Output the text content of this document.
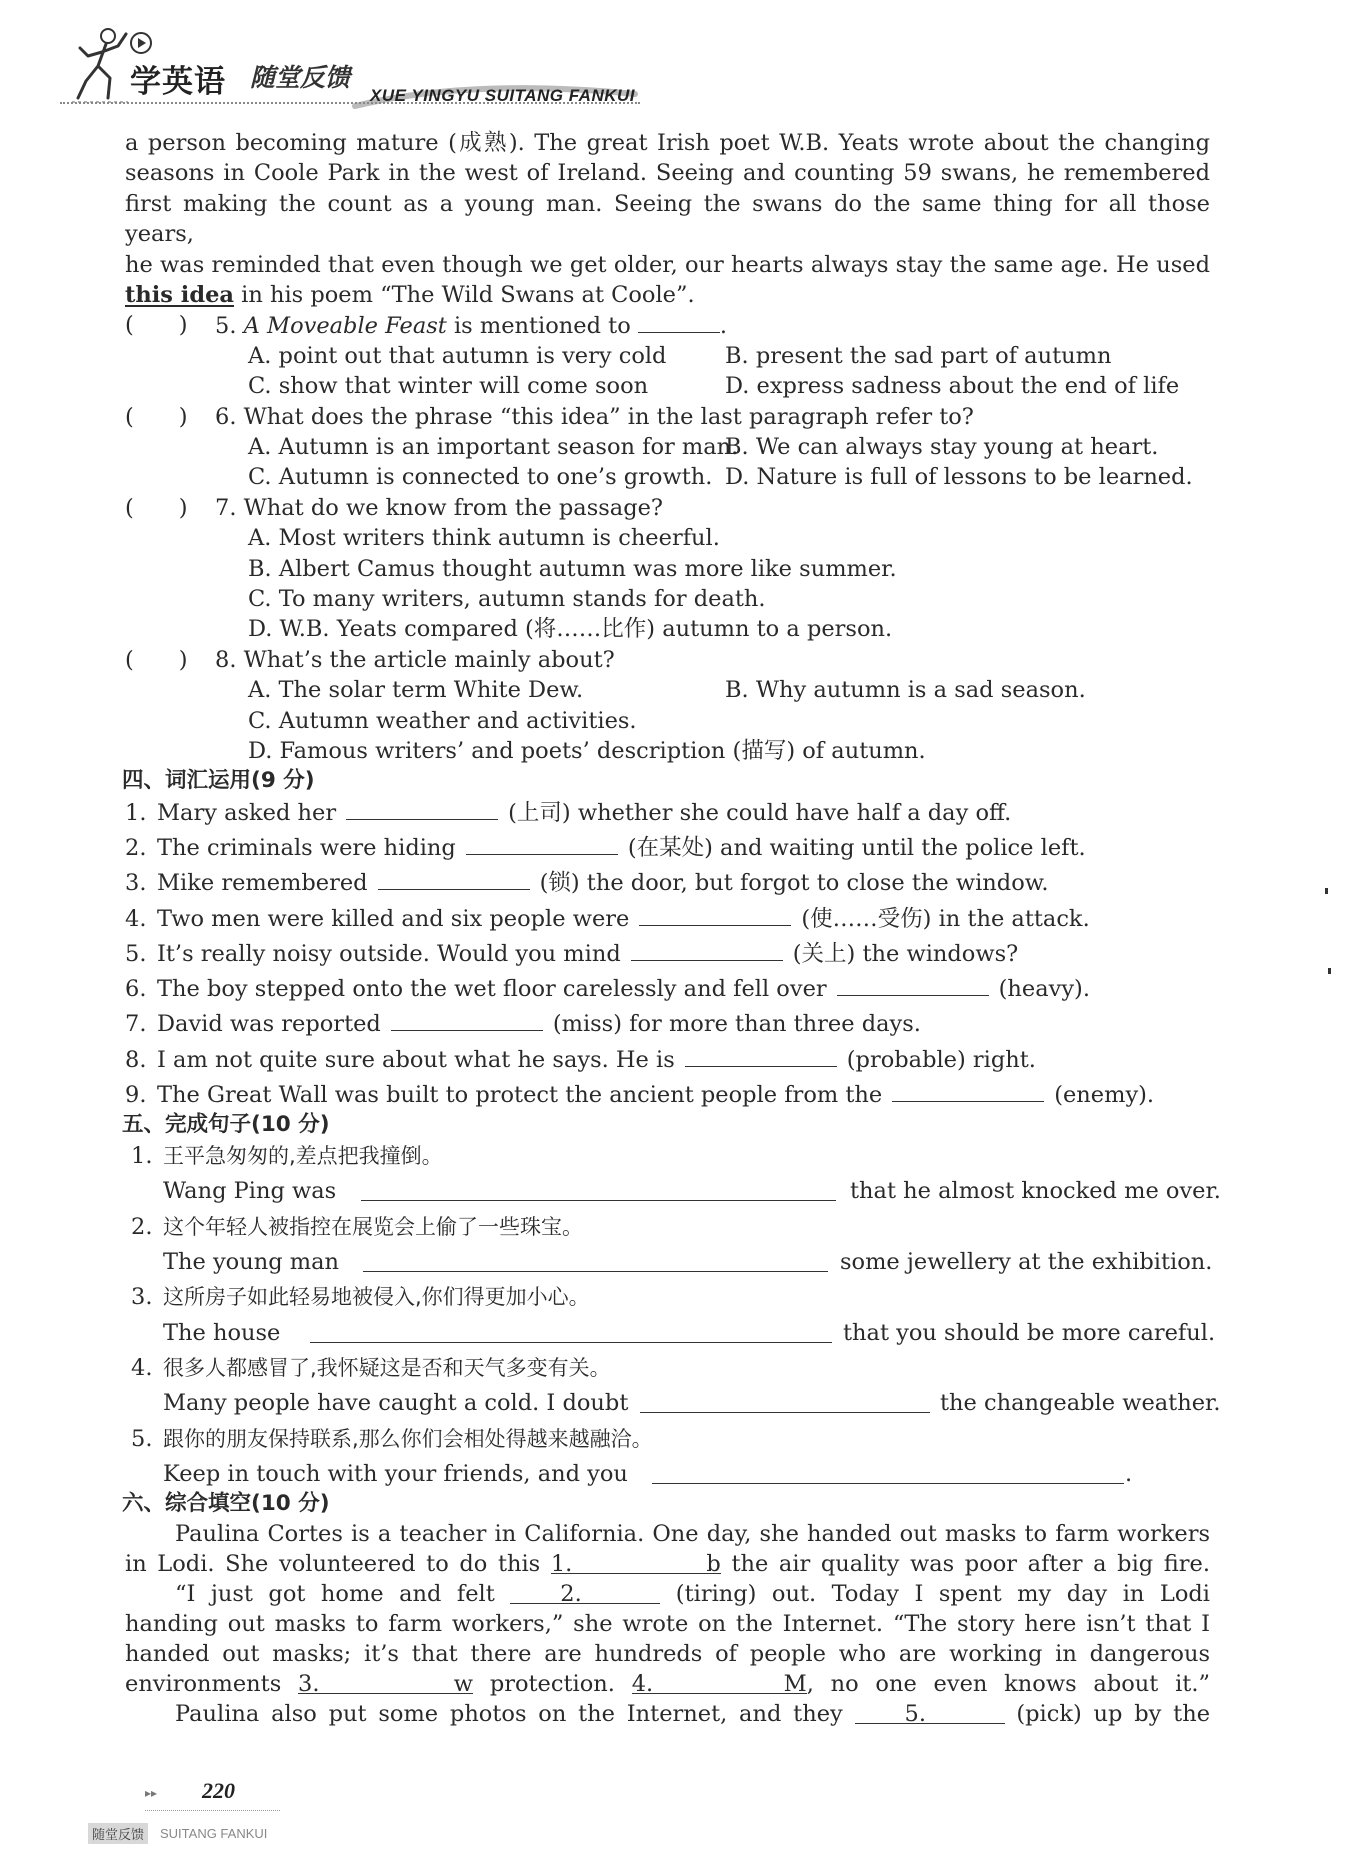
学英语 随堂反馈
XUE YINGYU SUITANG FANKUI

a person becoming mature (成熟). The great Irish poet W.B. Yeats wrote about the changing

seasons in Coole Park in the west of Ireland. Seeing and counting 59 swans, he remembered

first making the count as a young man. Seeing the swans do the same thing for all those years,

he was reminded that even though we get older, our hearts always stay the same age. He used

this idea in his poem “The Wild Swans at Coole”.

(　　) 5. A Moveable Feast is mentioned to	.
A. point out that autumn is very cold	B. present the sad part of autumn
C. show that winter will come soon	D. express sadness about the end of life
(　　) 6. What does the phrase “this idea” in the last paragraph refer to?
A. Autumn is an important season for man.
B. We can always stay young at heart.
C. Autumn is connected to one’s growth. D. Nature is full of lessons to be learned.
(　　) 7. What do we know from the passage?
A. Most writers think autumn is cheerful.
B. Albert Camus thought autumn was more like summer.
C. To many writers, autumn stands for death.
D. W.B. Yeats compared (将……比作) autumn to a person.
(　　) 8. What’s the article mainly about?
A. The solar term White Dew.	B. Why autumn is a sad season.
C. Autumn weather and activities.
D. Famous writers’ and poets’ description (描写) of autumn.
四、词汇运用(9 分)
1. Mary asked her	(上司) whether she could have half a day off.
2. The criminals were hiding	(在某处) and waiting until the police left.
3. Mike remembered	(锁) the door, but forgot to close the window.
4. Two men were killed and six people were	(使……受伤) in the attack.
5. It’s really noisy outside. Would you mind	(关上) the windows?
6. The boy stepped onto the wet floor carelessly and fell over	(heavy).
7. David was reported	(miss) for more than three days.
8. I am not quite sure about what he says. He is	(probable) right.
9. The Great Wall was built to protect the ancient people from the	(enemy).
五、完成句子(10 分)
1. 王平急匆匆的,差点把我撞倒。
Wang Ping was	that he almost knocked me over.
2. 这个年轻人被指控在展览会上偷了一些珠宝。
The young man	some jewellery at the exhibition.
3. 这所房子如此轻易地被侵入,你们得更加小心。
The house	that you should be more careful.
4. 很多人都感冒了,我怀疑这是否和天气多变有关。
Many people have caught a cold. I doubt	the changeable weather.
5. 跟你的朋友保持联系,那么你们会相处得越来越融洽。
Keep in touch with your friends, and you	.
六、综合填空(10 分)

Paulina Cortes is a teacher in California. One day, she handed out masks to farm workers

in Lodi. She volunteered to do this 1. b the air quality was poor after a big fire.

“I just got home and felt	2.	(tiring) out. Today I spent my day in Lodi

handing out masks to farm workers,” she wrote on the Internet. “The story here isn’t that I

handed out masks; it’s that there are hundreds of people who are working in dangerous

environments 3. w protection. 4. M, no one even knows about it.”

Paulina also put some photos on the Internet, and they	5.	(pick) up by the

▸▸ 220
随堂反馈	SUITANG FANKUI
